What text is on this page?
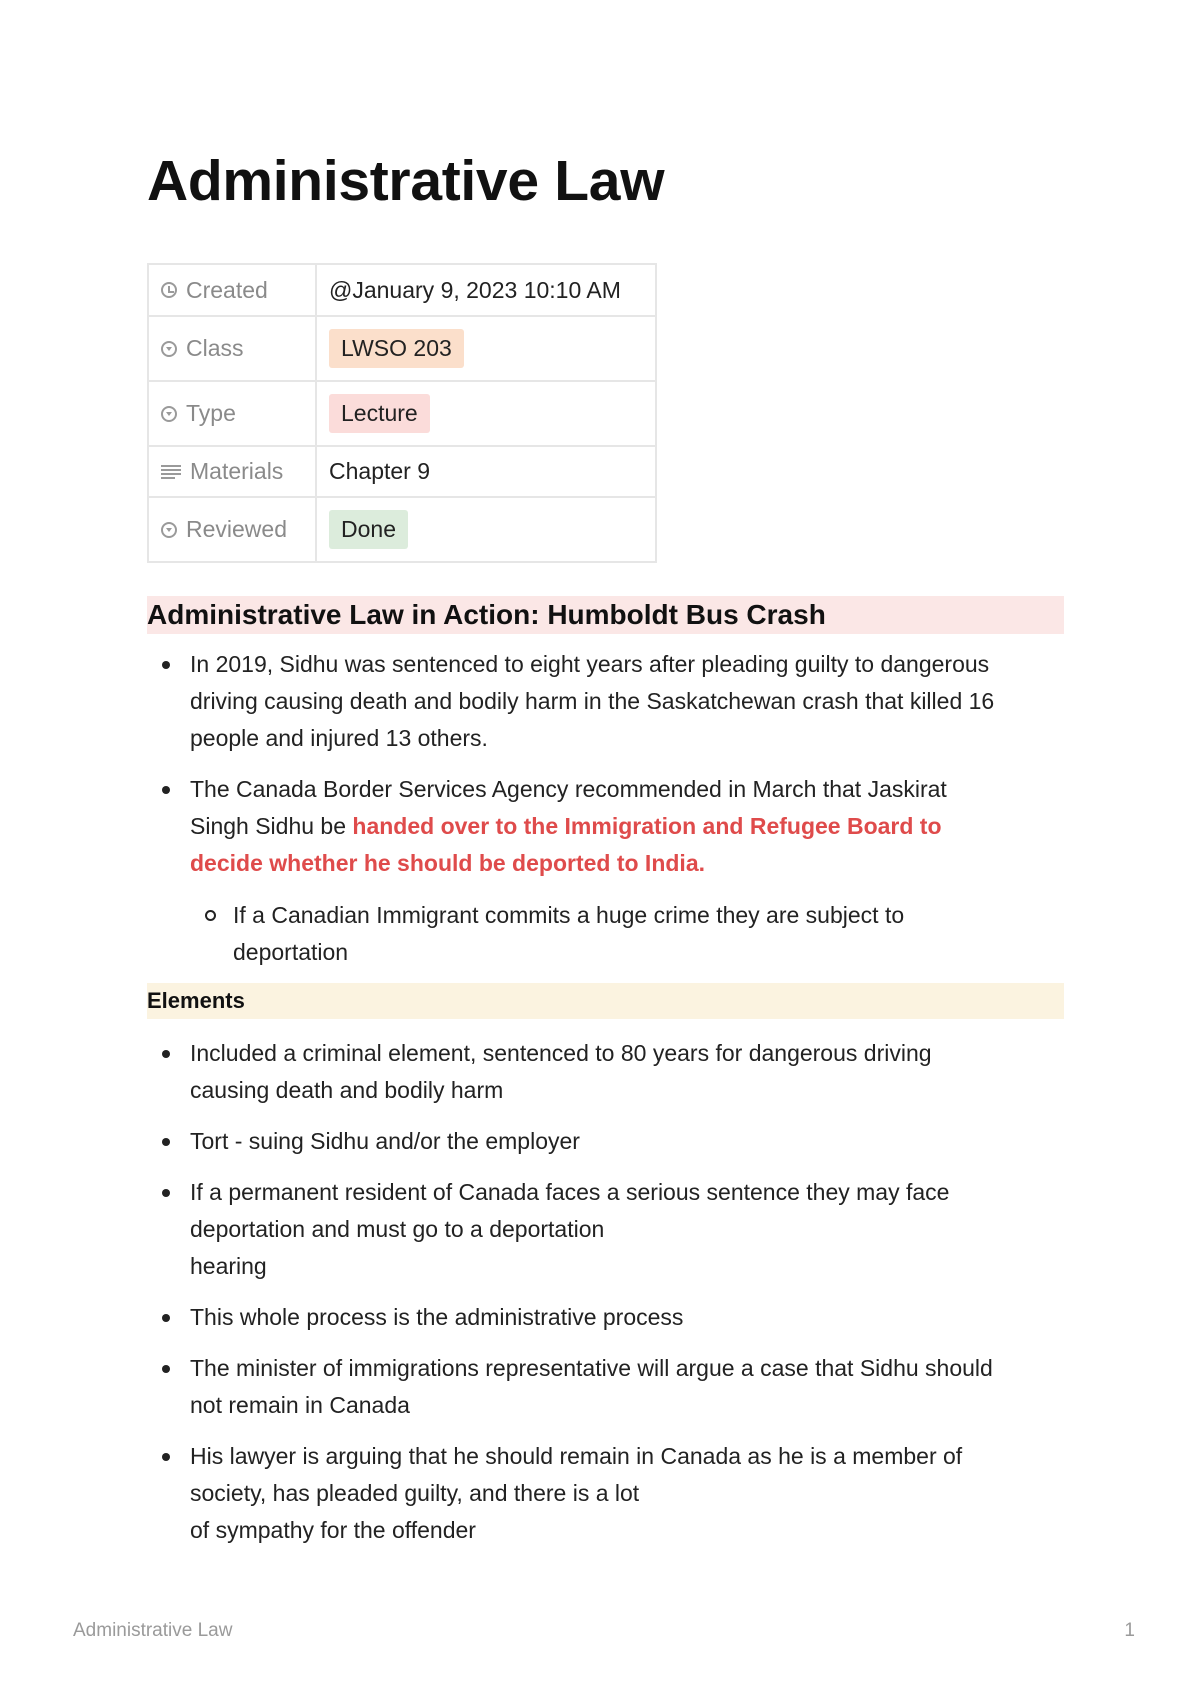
Administrative Law
Created	@January 9, 2023 10:10 AM

Class	LWSO 203

Type	Lecture

Materials	Chapter 9

Reviewed	Done
Administrative Law in Action: Humboldt Bus Crash
In 2019, Sidhu was sentenced to eight years after pleading guilty to dangerous
driving causing death and bodily harm in the Saskatchewan crash that killed 16
people and injured 13 others.
The Canada Border Services Agency recommended in March that Jaskirat
Singh Sidhu be handed over to the Immigration and Refugee Board to
decide whether he should be deported to India.
If a Canadian Immigrant commits a huge crime they are subject to
deportation
Elements
Included a criminal element, sentenced to 80 years for dangerous driving
causing death and bodily harm
Tort - suing Sidhu and/or the employer
If a permanent resident of Canada faces a serious sentence they may face
deportation and must go to a deportation
hearing
This whole process is the administrative process
The minister of immigrations representative will argue a case that Sidhu should
not remain in Canada
His lawyer is arguing that he should remain in Canada as he is a member of
society, has pleaded guilty, and there is a lot
of sympathy for the offender
Administrative Law	1
